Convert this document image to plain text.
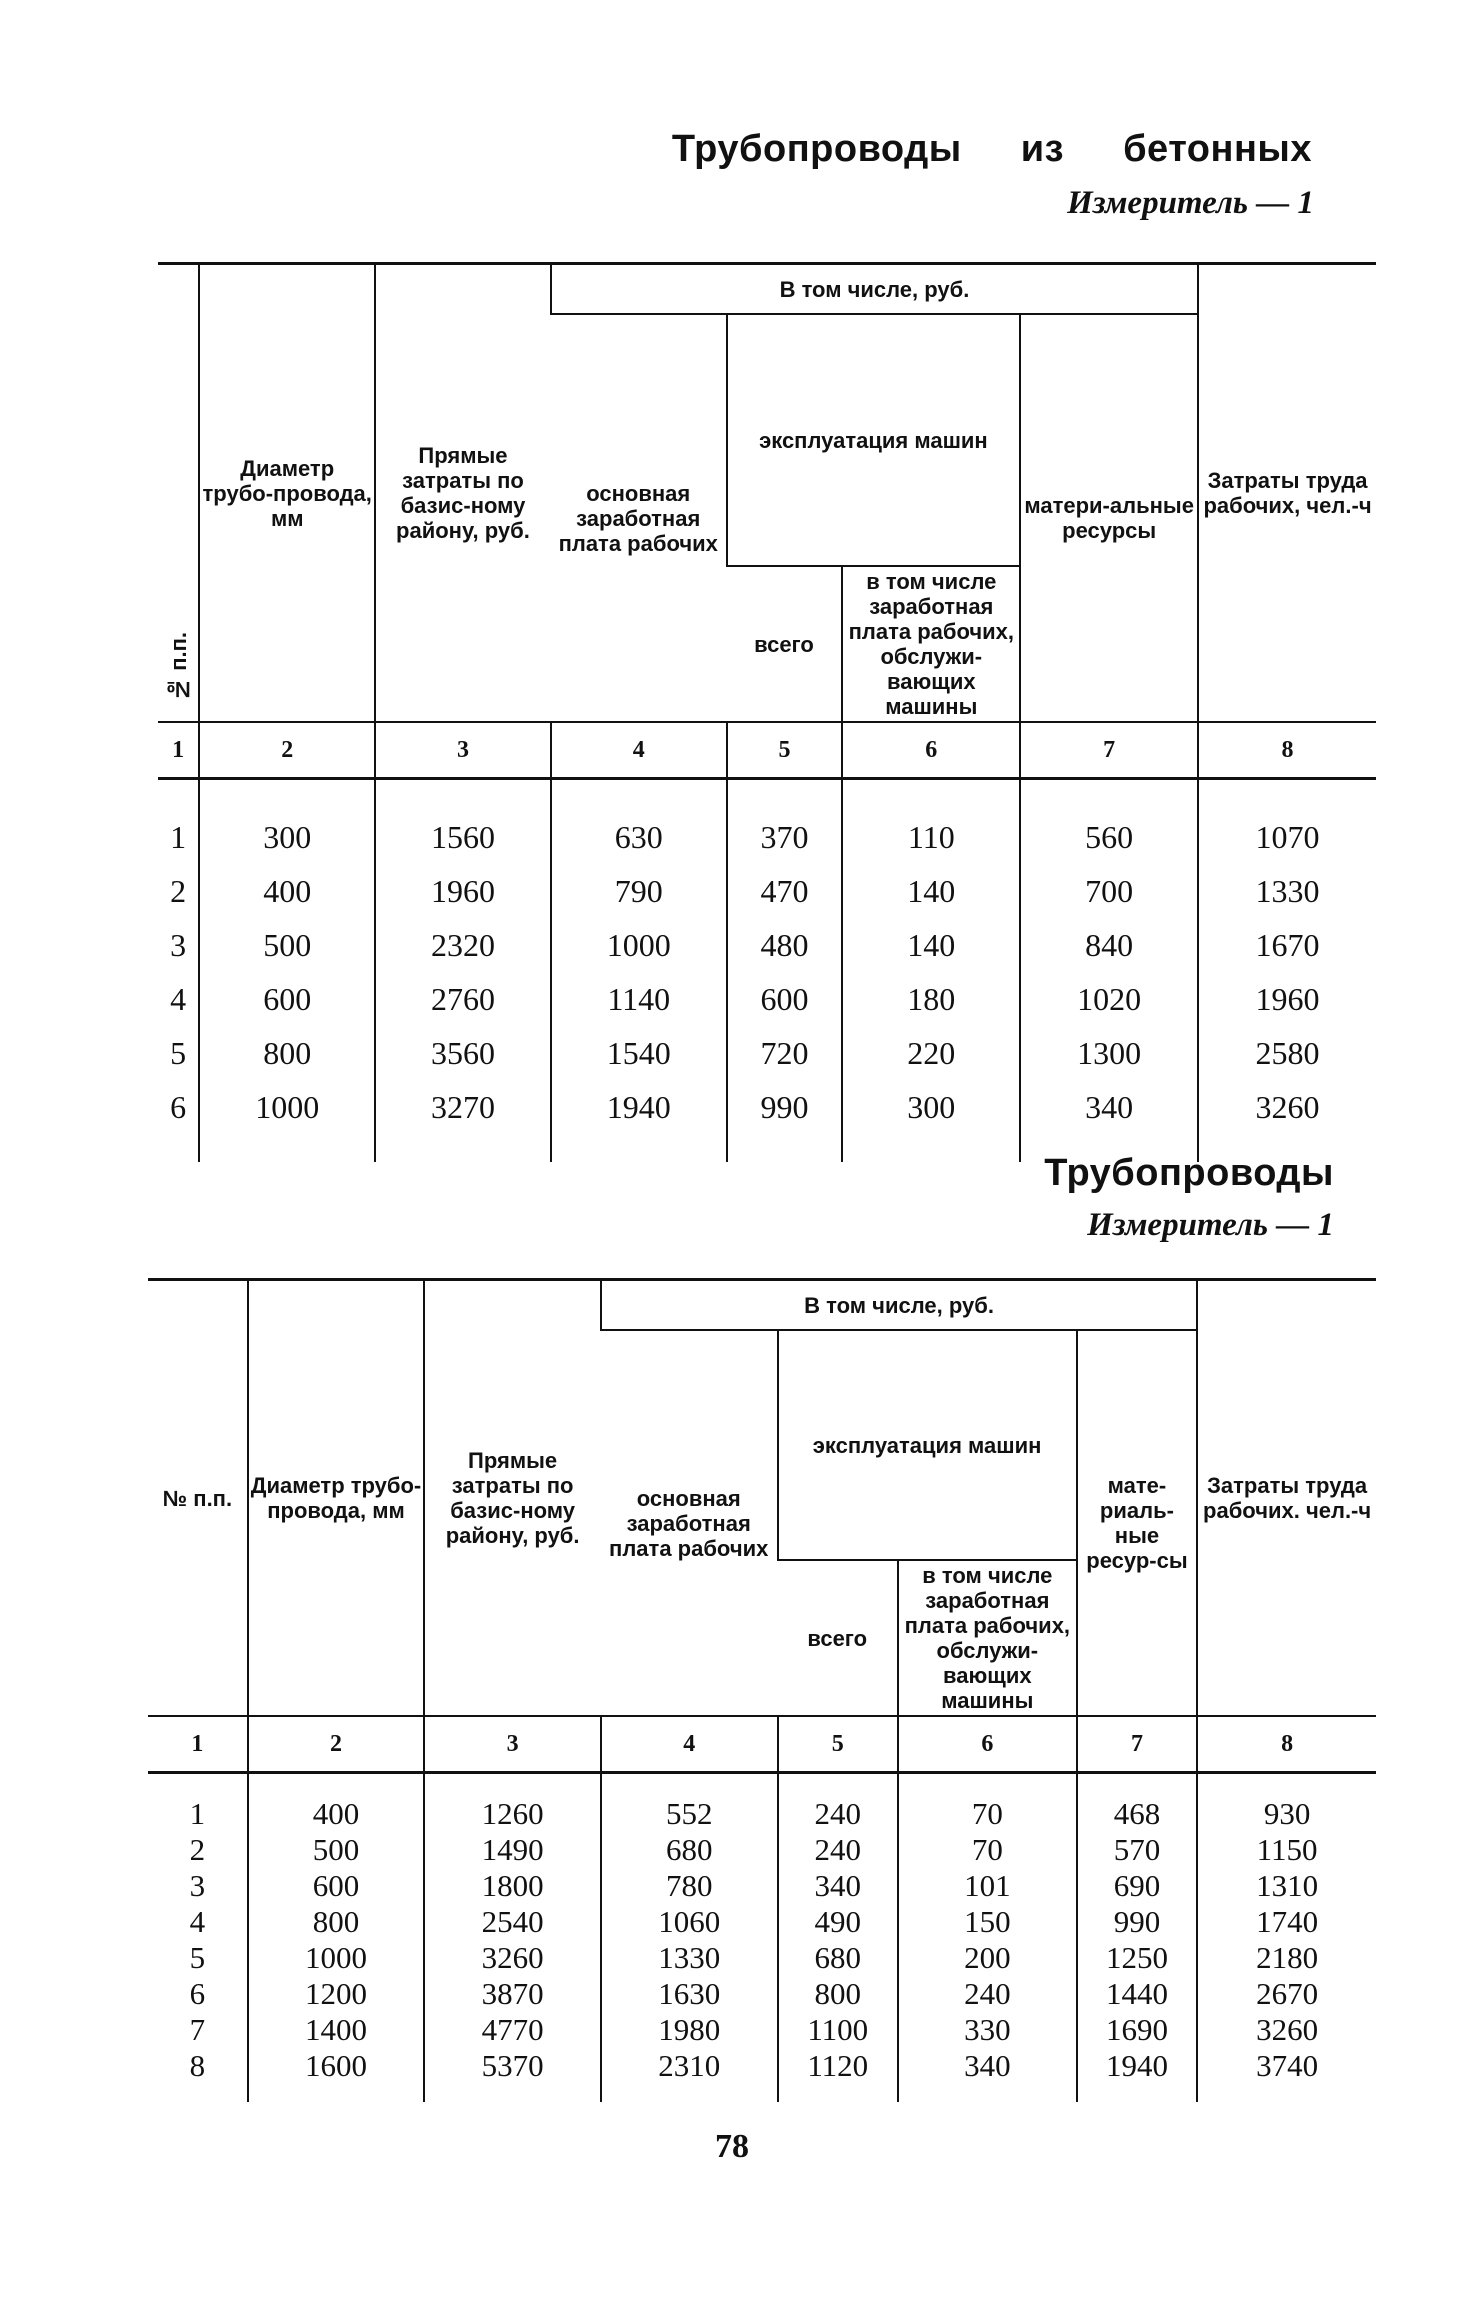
Трубопроводы из бетонных
Измеритель — 1
№ п.п.	Диаметр трубо-провода, мм	Прямые затраты по базис-ному району, руб.	В том числе, руб.				Затраты труда рабочих, чел.-ч
			основная заработная плата рабочих	эксплуатация машин		матери-альные ресурсы	
				всего	в том числе заработная плата рабочих, обслужи-вающих машины		
1	2	3	4	5	6	7	8
1	300	1560	630	370	110	560	1070
2	400	1960	790	470	140	700	1330
3	500	2320	1000	480	140	840	1670
4	600	2760	1140	600	180	1020	1960
5	800	3560	1540	720	220	1300	2580
6	1000	3270	1940	990	300	340	3260
Трубопроводы
Измеритель — 1
№ п.п.	Диаметр трубо-провода, мм	Прямые затраты по базис-ному району, руб.	В том числе, руб.				Затраты труда рабочих. чел.-ч
			основная заработная плата рабочих	эксплуатация машин		мате-риаль-ные ресур-сы	
				всего	в том числе заработная плата рабочих, обслужи-вающих машины		
1	2	3	4	5	6	7	8
1	400	1260	552	240	70	468	930
2	500	1490	680	240	70	570	1150
3	600	1800	780	340	101	690	1310
4	800	2540	1060	490	150	990	1740
5	1000	3260	1330	680	200	1250	2180
6	1200	3870	1630	800	240	1440	2670
7	1400	4770	1980	1100	330	1690	3260
8	1600	5370	2310	1120	340	1940	3740
78
